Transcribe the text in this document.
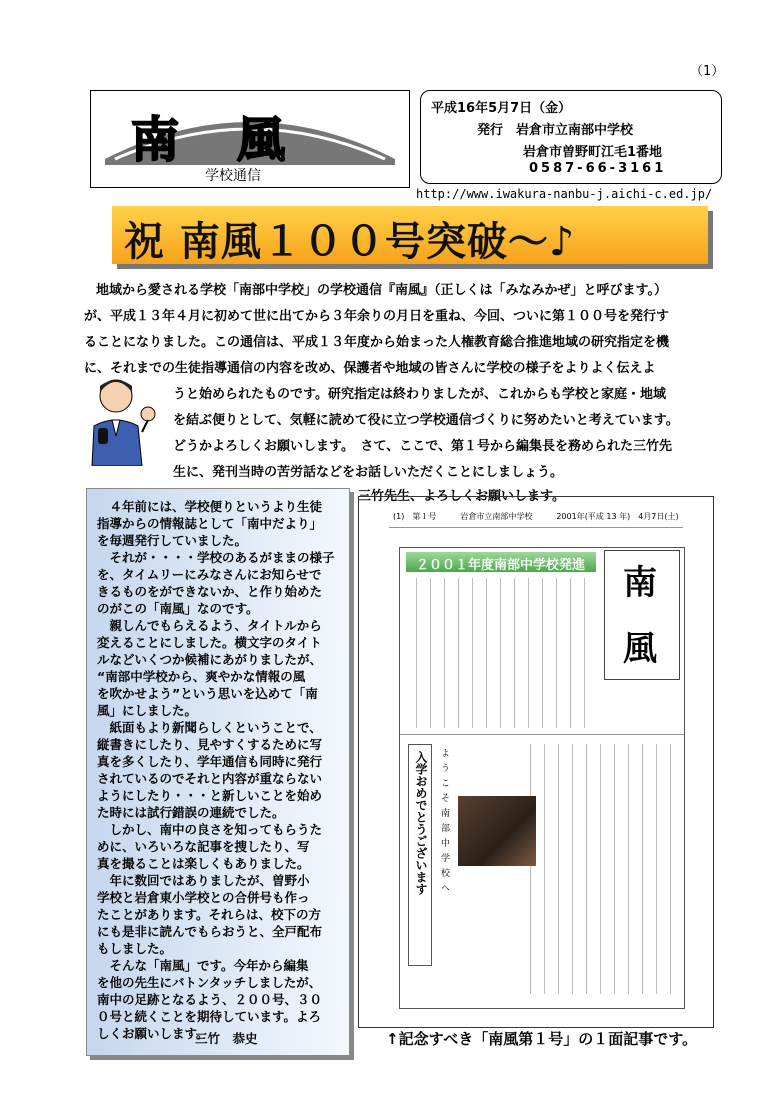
（1）
南風
学校通信
平成16年5月7日（金）
発行　岩倉市立南部中学校
岩倉市曽野町江毛1番地
0587-66-3161
http://www.iwakura-nanbu-j.aichi-c.ed.jp/
祝 南風１００号突破～♪
地域から愛される学校「南部中学校」の学校通信『南風』（正しくは「みなみかぜ」と呼びます。）
が、平成１３年４月に初めて世に出てから３年余りの月日を重ね、今回、ついに第１００号を発行す
ることになりました。この通信は、平成１３年度から始まった人権教育総合推進地域の研究指定を機
に、それまでの生徒指導通信の内容を改め、保護者や地域の皆さんに学校の様子をよりよく伝えよ
うと始められたものです。研究指定は終わりましたが、これからも学校と家庭・地域
を結ぶ便りとして、気軽に読めて役に立つ学校通信づくりに努めたいと考えています。
どうかよろしくお願いします。　さて、ここで、第１号から編集長を務められた三竹先
生に、発刊当時の苦労話などをお話しいただくことにしましょう。
三竹先生、よろしくお願いします。
　４年前には、学校便りというより生徒
指導からの情報誌として「南中だより」
を毎週発行していました。
　それが・・・・学校のあるがままの様子
を、タイムリーにみなさんにお知らせで
きるものをができないか、と作り始めた
のがこの「南風」なのです。
　親しんでもらえるよう、タイトルから
変えることにしました。横文字のタイト
ルなどいくつか候補にあがりましたが、
“南部中学校から、爽やかな情報の風
を吹かせよう”という思いを込めて「南
風」にしました。
　紙面もより新聞らしくということで、
縦書きにしたり、見やすくするために写
真を多くしたり、学年通信も同時に発行
されているのでそれと内容が重ならない
ようにしたり・・・と新しいことを始め
た時には試行錯誤の連続でした。
　しかし、南中の良さを知ってもらうた
めに、いろいろな記事を捜したり、写
真を撮ることは楽しくもありました。
　年に数回ではありましたが、曽野小
学校と岩倉東小学校との合併号も作っ
たことがあります。それらは、校下の方
にも是非に読んでもらおうと、全戸配布
もしました。
　そんな「南風」です。今年から編集
を他の先生にバトンタッチしましたが、
南中の足跡となるよう、２００号、３０
０号と続くことを期待しています。よろ
しくお願いします。
三竹　恭史
(1)　第１号　　　岩倉市立南部中学校　　　2001年(平成 13 年)　4月7日(土)
２００１年度南部中学校発進 南
風
入学おめでとうございます ようこそ南部中学校へ
↑記念すべき「南風第１号」の１面記事です。
